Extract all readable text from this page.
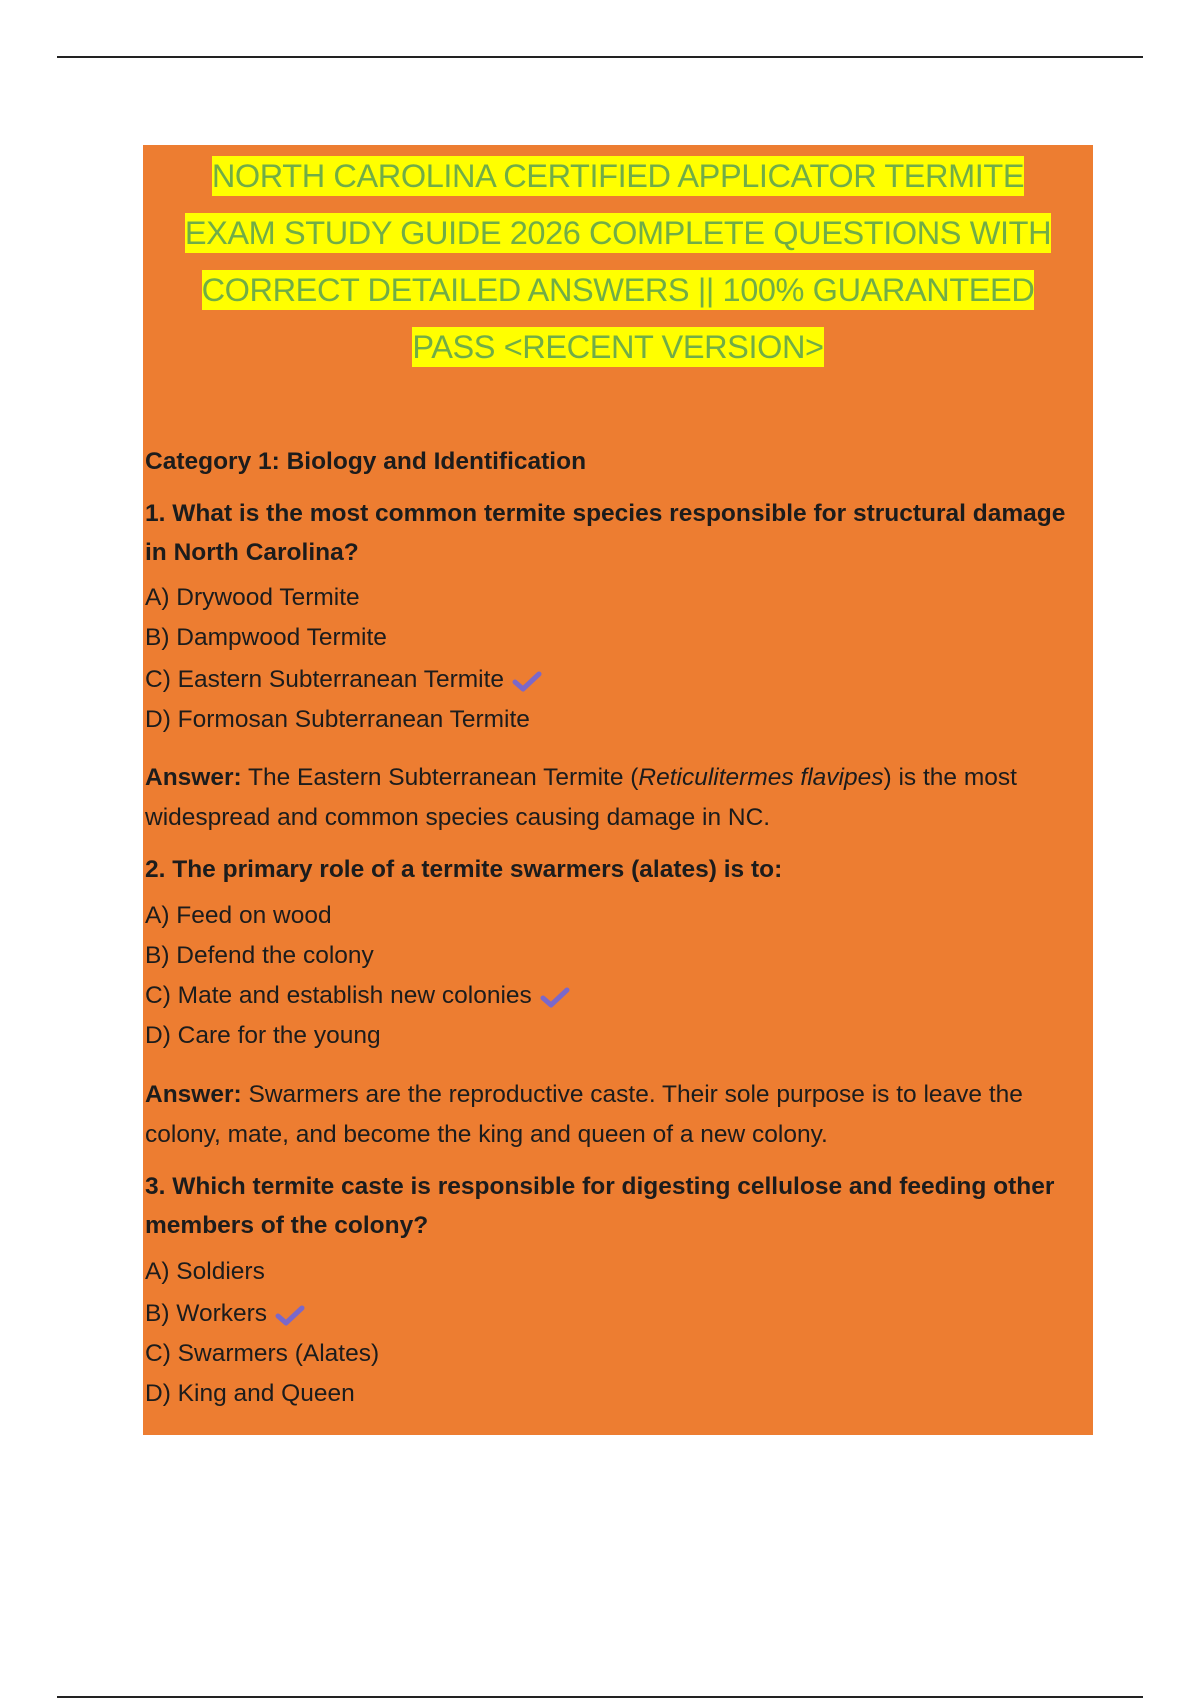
NORTH CAROLINA CERTIFIED APPLICATOR TERMITE
EXAM STUDY GUIDE 2026 COMPLETE QUESTIONS WITH
CORRECT DETAILED ANSWERS || 100% GUARANTEED
PASS <RECENT VERSION>
Category 1: Biology and Identification
1. What is the most common termite species responsible for structural damage in North Carolina?
A) Drywood Termite
B) Dampwood Termite
C) Eastern Subterranean Termite
D) Formosan Subterranean Termite
Answer: The Eastern Subterranean Termite (Reticulitermes flavipes) is the most widespread and common species causing damage in NC.
2. The primary role of a termite swarmers (alates) is to:
A) Feed on wood
B) Defend the colony
C) Mate and establish new colonies
D) Care for the young
Answer: Swarmers are the reproductive caste. Their sole purpose is to leave the colony, mate, and become the king and queen of a new colony.
3. Which termite caste is responsible for digesting cellulose and feeding other members of the colony?
A) Soldiers
B) Workers
C) Swarmers (Alates)
D) King and Queen
